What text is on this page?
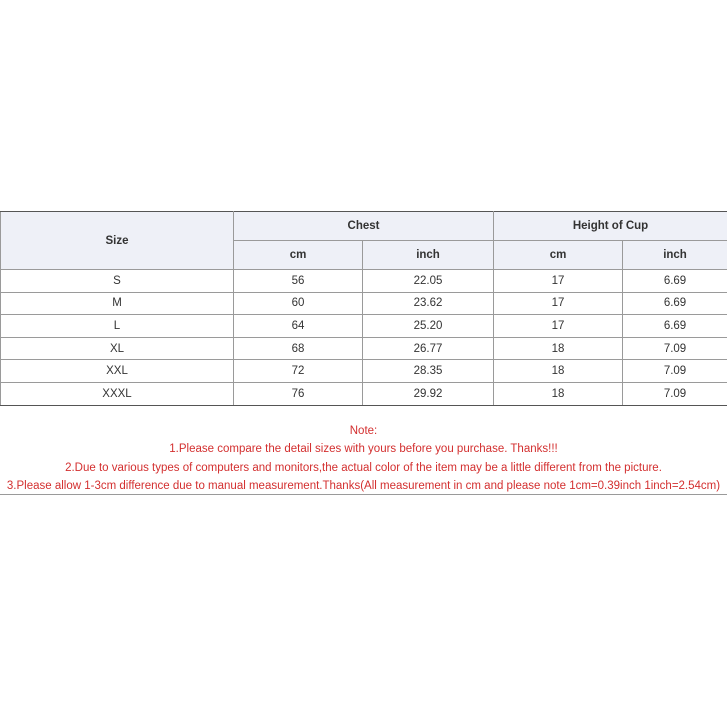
Size	Chest		Height of Cup	
	cm	inch	cm	inch
S	56	22.05	17	6.69
M	60	23.62	17	6.69
L	64	25.20	17	6.69
XL	68	26.77	18	7.09
XXL	72	28.35	18	7.09
XXXL	76	29.92	18	7.09
Note:
1.Please compare the detail sizes with yours before you purchase. Thanks!!!
2.Due to various types of computers and monitors,the actual color of the item may be a little different from the picture.
3.Please allow 1-3cm difference due to manual measurement.Thanks(All measurement in cm and please note 1cm=0.39inch 1inch=2.54cm)
